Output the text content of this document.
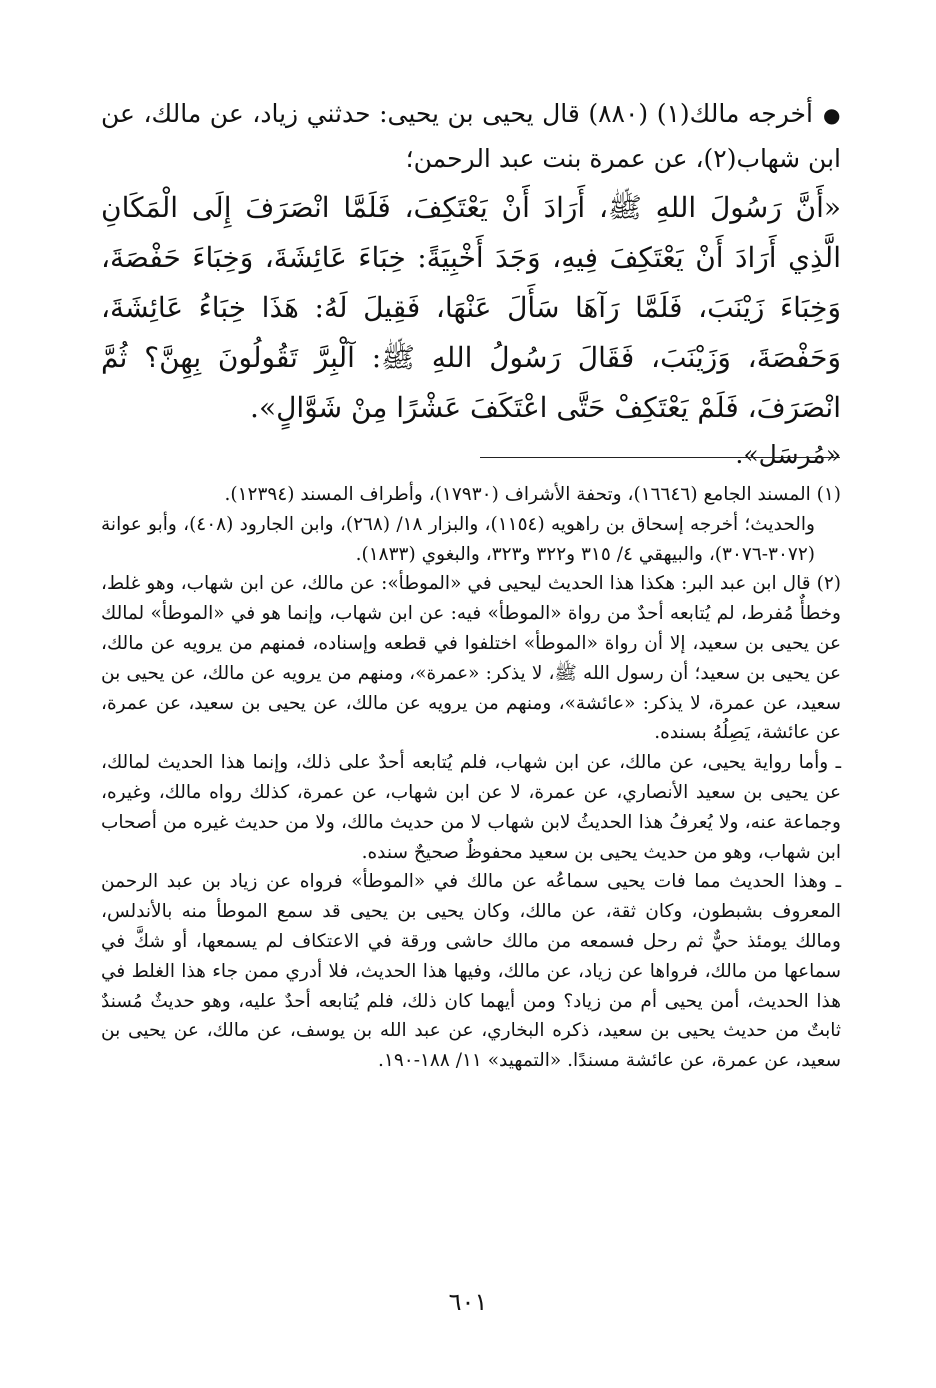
●أخرجه مالك(١) (٨٨٠) قال يحيى بن يحيى: حدثني زياد، عن مالك، عن ابن شهاب(٢)، عن عمرة بنت عبد الرحمن؛

«أَنَّ رَسُولَ اللهِ ﷺ، أَرَادَ أَنْ يَعْتَكِفَ، فَلَمَّا انْصَرَفَ إِلَى الْمَكَانِ الَّذِي أَرَادَ أَنْ يَعْتَكِفَ فِيهِ، وَجَدَ أَخْبِيَةً: خِبَاءَ عَائِشَةَ، وَخِبَاءَ حَفْصَةَ، وَخِبَاءَ زَيْنَبَ، فَلَمَّا رَآهَا سَأَلَ عَنْهَا، فَقِيلَ لَهُ: هَذَا خِبَاءُ عَائِشَةَ، وَحَفْصَةَ، وَزَيْنَبَ، فَقَالَ رَسُولُ اللهِ ﷺ: آلْبِرَّ تَقُولُونَ بِهِنَّ؟ ثُمَّ انْصَرَفَ، فَلَمْ يَعْتَكِفْ حَتَّى اعْتَكَفَ عَشْرًا مِنْ شَوَّالٍ».

«مُرسَل».

(١) المسند الجامع (١٦٦٤٦)، وتحفة الأشراف (١٧٩٣٠)، وأطراف المسند (١٢٣٩٤).

والحديث؛ أخرجه إسحاق بن راهويه (١١٥٤)، والبزار ١٨/ (٢٦٨)، وابن الجارود (٤٠٨)، وأبو عوانة (٣٠٧٢-٣٠٧٦)، والبيهقي ٤/ ٣١٥ و٣٢٢ و٣٢٣، والبغوي (١٨٣٣).

(٢) قال ابن عبد البر: هكذا هذا الحديث ليحيى في «الموطأ»: عن مالك، عن ابن شهاب، وهو غلط، وخطأٌ مُفرط، لم يُتابعه أحدٌ من رواة «الموطأ» فيه: عن ابن شهاب، وإنما هو في «الموطأ» لمالك عن يحيى بن سعيد، إلا أن رواة «الموطأ» اختلفوا في قطعه وإسناده، فمنهم من يرويه عن مالك، عن يحيى بن سعيد؛ أن رسول الله ﷺ، لا يذكر: «عمرة»، ومنهم من يرويه عن مالك، عن يحيى بن سعيد، عن عمرة، لا يذكر: «عائشة»، ومنهم من يرويه عن مالك، عن يحيى بن سعيد، عن عمرة، عن عائشة، يَصِلُهُ بسنده.

ـ وأما رواية يحيى، عن مالك، عن ابن شهاب، فلم يُتابعه أحدٌ على ذلك، وإنما هذا الحديث لمالك، عن يحيى بن سعيد الأنصاري، عن عمرة، لا عن ابن شهاب، عن عمرة، كذلك رواه مالك، وغيره، وجماعة عنه، ولا يُعرفُ هذا الحديثُ لابن شهاب لا من حديث مالك، ولا من حديث غيره من أصحاب ابن شهاب، وهو من حديث يحيى بن سعيد محفوظٌ صحيحٌ سنده.

ـ وهذا الحديث مما فات يحيى سماعُه عن مالك في «الموطأ» فرواه عن زياد بن عبد الرحمن المعروف بشبطون، وكان ثقة، عن مالك، وكان يحيى بن يحيى قد سمع الموطأ منه بالأندلس، ومالك يومئذ حيٌّ ثم رحل فسمعه من مالك حاشى ورقة في الاعتكاف لم يسمعها، أو شكَّ في سماعها من مالك، فرواها عن زياد، عن مالك، وفيها هذا الحديث، فلا أدري ممن جاء هذا الغلط في هذا الحديث، أمن يحيى أم من زياد؟ ومن أيهما كان ذلك، فلم يُتابعه أحدٌ عليه، وهو حديثٌ مُسندٌ ثابتٌ من حديث يحيى بن سعيد، ذكره البخاري، عن عبد الله بن يوسف، عن مالك، عن يحيى بن سعيد، عن عمرة، عن عائشة مسندًا. «التمهيد» ١١/ ١٨٨-١٩٠.

٦٠١
